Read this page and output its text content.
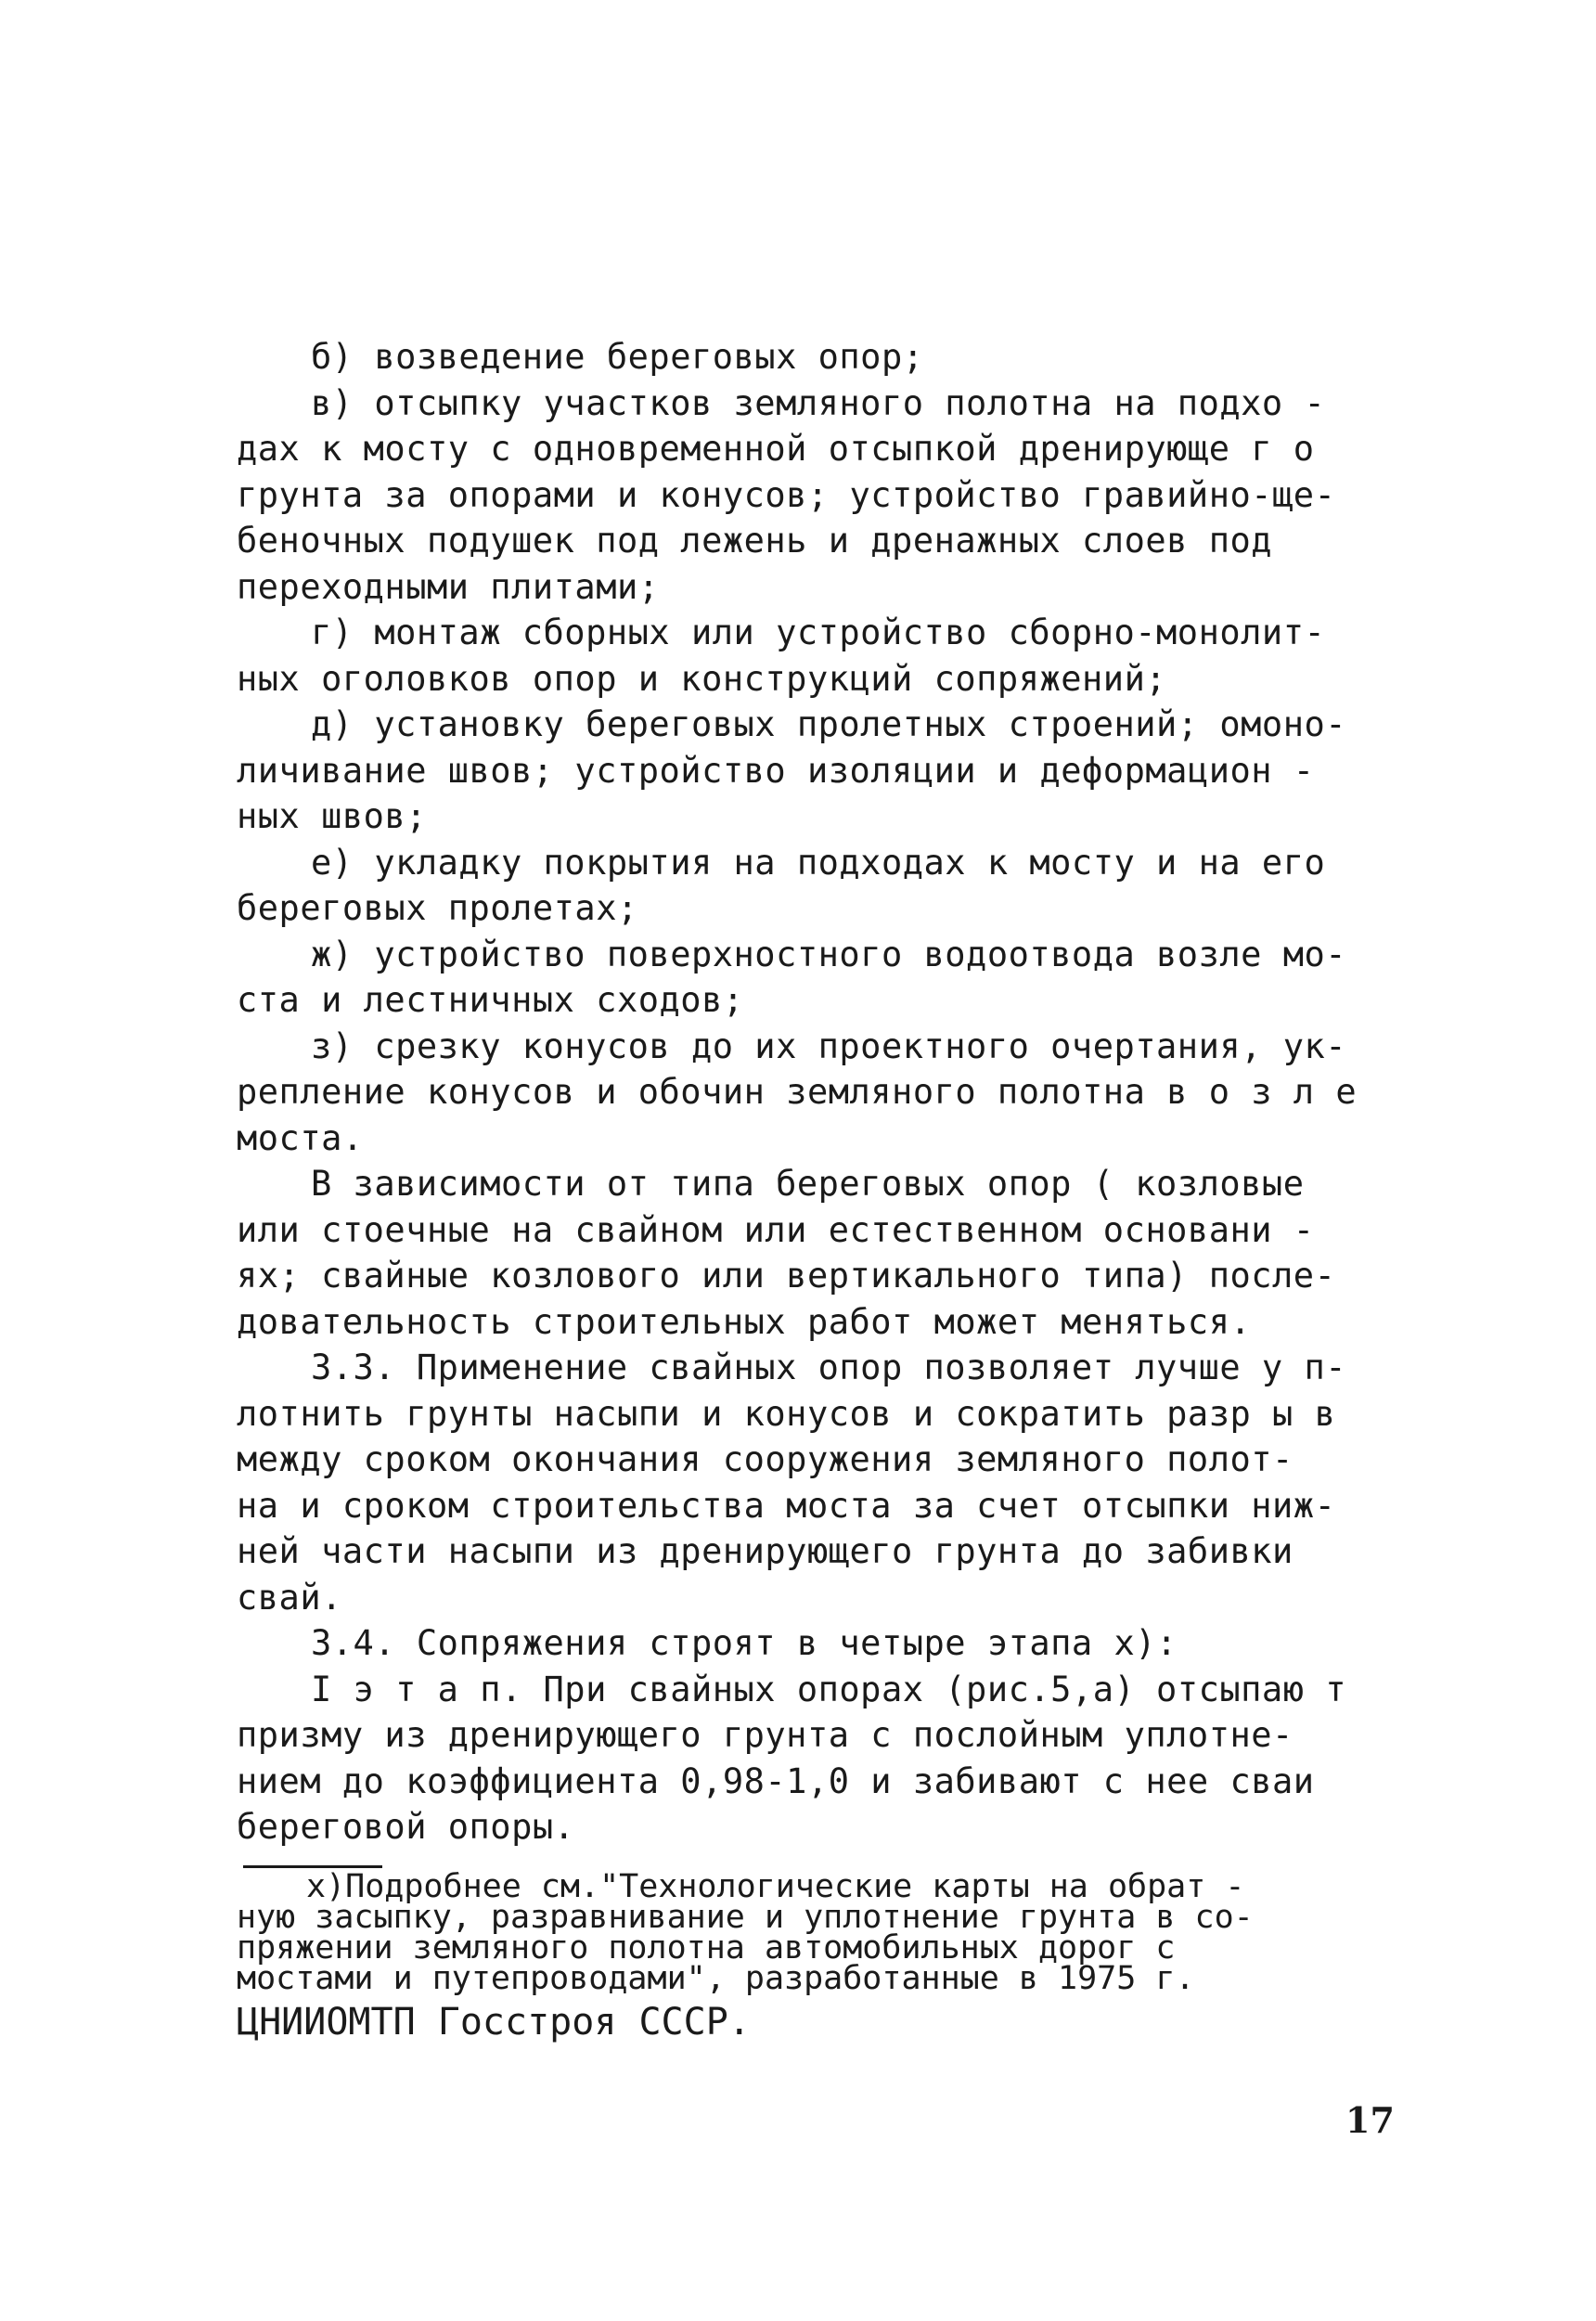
б) возведение береговых опор;
в) отсыпку участков земляного полотна на подхо -
дах к мосту с одновременной отсыпкой дренирующе г о
грунта за опорами и конусов; устройство гравийно-ще-
беночных подушек под лежень и дренажных слоев под
переходными плитами;
г) монтаж сборных или устройство сборно-монолит-
ных оголовков опор и конструкций сопряжений;
д) установку береговых пролетных строений; омоно-
личивание швов; устройство изоляции и деформацион -
ных швов;
е) укладку покрытия на подходах к мосту и на его
береговых пролетах;
ж) устройство поверхностного водоотвода возле мо-
ста и лестничных сходов;
з) срезку конусов до их проектного очертания, ук-
репление конусов и обочин земляного полотна в о з л е
моста.
В зависимости от типа береговых опор ( козловые
или стоечные на свайном или естественном основани -
ях; свайные козлового или вертикального типа) после-
довательность строительных работ может меняться.
3.3. Применение свайных опор позволяет лучше у п-
лотнить грунты насыпи и конусов и сократить разр ы в
между сроком окончания сооружения земляного полот-
на и сроком строительства моста за счет отсыпки ниж-
ней части насыпи из дренирующего грунта до забивки
свай.
3.4. Сопряжения строят в четыре этапа x):
I э т а п. При свайных опорах (рис.5,а) отсыпаю т
призму из дренирующего грунта с послойным уплотне-
нием до коэффициента 0,98-1,0 и забивают с нее сваи
береговой опоры.
x)Подробнее см."Технологические карты на обрат -
ную засыпку, разравнивание и уплотнение грунта в со-
пряжении земляного полотна автомобильных дорог с
мостами и путепроводами", разработанные в 1975 г.
ЦНИИОМТП Госстроя СССР.
17
